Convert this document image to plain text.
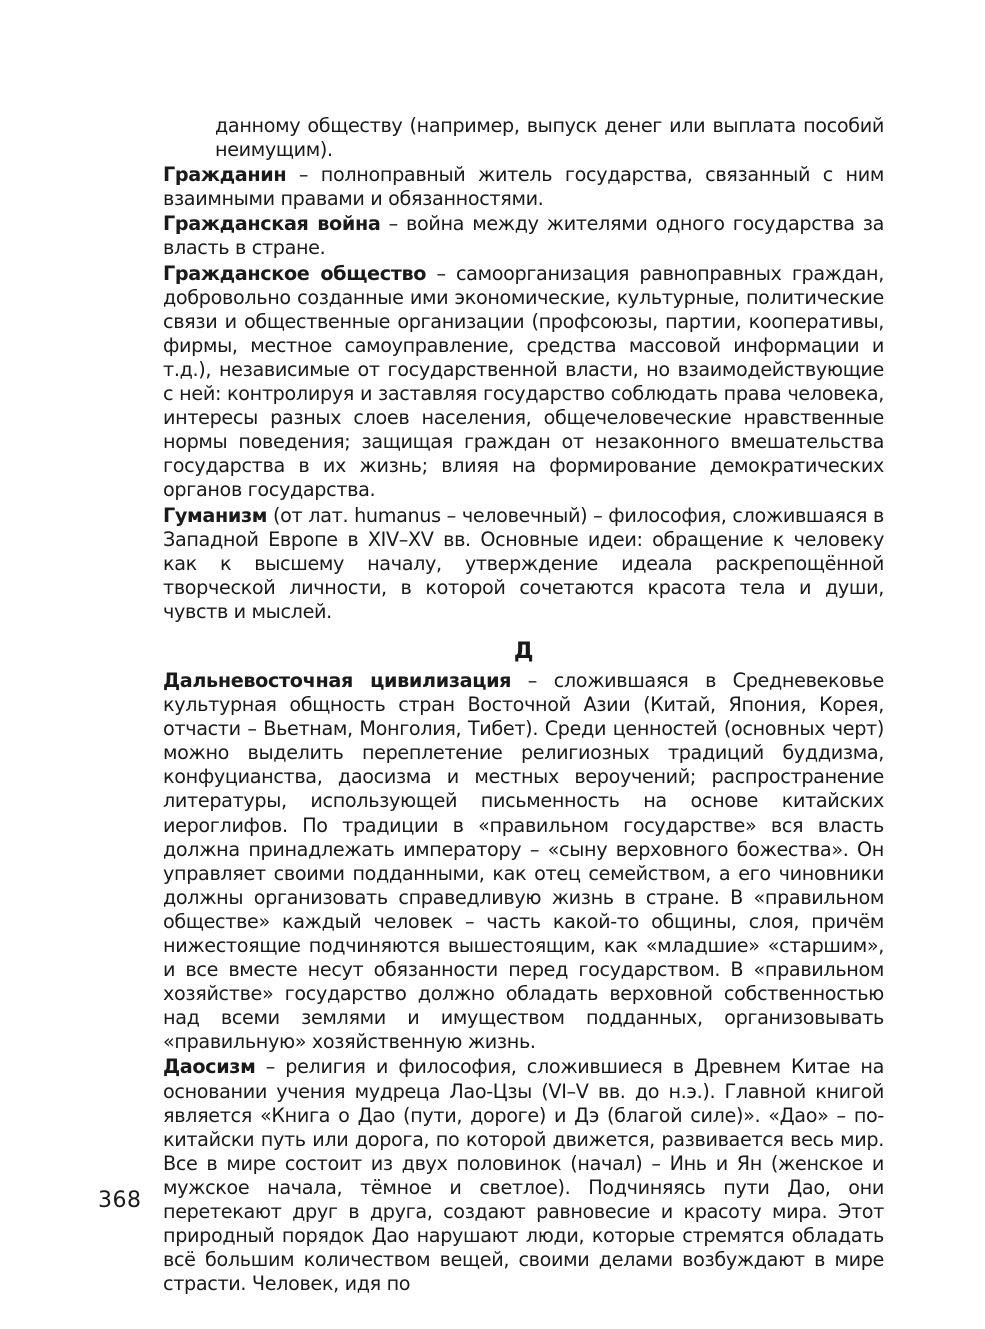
данному обществу (например, выпуск денег или выплата пособий неимущим).

Гражданин – полноправный житель государства, связанный с ним взаимными правами и обязанностями.

Гражданская война – война между жителями одного государства за власть в стране.

Гражданское общество – самоорганизация равноправных граждан, добровольно созданные ими экономические, культурные, политические связи и общественные организации (профсоюзы, партии, кооперативы, фирмы, местное самоуправление, средства массовой информации и т.д.), независимые от государственной власти, но взаимодействующие с ней: контролируя и заставляя государство соблюдать права человека, интересы разных слоев населения, общечеловеческие нравственные нормы поведения; защищая граждан от незаконного вмешательства государства в их жизнь; влияя на формирование демократических органов государства.

Гуманизм (от лат. humanus – человечный) – философия, сложившаяся в Западной Европе в XIV–XV вв. Основные идеи: обращение к человеку как к высшему началу, утверждение идеала раскрепощённой творческой личности, в которой сочетаются красота тела и души, чувств и мыслей.

Д

Дальневосточная цивилизация – сложившаяся в Средневековье культурная общность стран Восточной Азии (Китай, Япония, Корея, отчасти – Вьетнам, Монголия, Тибет). Среди ценностей (основных черт) можно выделить переплетение религиозных традиций буддизма, конфуцианства, даосизма и местных вероучений; распространение литературы, использующей письменность на основе китайских иероглифов. По традиции в «правильном государстве» вся власть должна принадлежать императору – «сыну верховного божества». Он управляет своими подданными, как отец семейством, а его чиновники должны организовать справедливую жизнь в стране. В «правильном обществе» каждый человек – часть какой-то общины, слоя, причём нижестоящие подчиняются вышестоящим, как «младшие» «старшим», и все вместе несут обязанности перед государством. В «правильном хозяйстве» государство должно обладать верховной собственностью над всеми землями и имуществом подданных, организовывать «правильную» хозяйственную жизнь.

Даосизм – религия и философия, сложившиеся в Древнем Китае на основании учения мудреца Лао-Цзы (VI–V вв. до н.э.). Главной книгой является «Книга о Дао (пути, дороге) и Дэ (благой силе)». «Дао» – по-китайски путь или дорога, по которой движется, развивается весь мир. Все в мире состоит из двух половинок (начал) – Инь и Ян (женское и мужское начала, тёмное и светлое). Подчиняясь пути Дао, они перетекают друг в друга, создают равновесие и красоту мира. Этот природный порядок Дао нарушают люди, которые стремятся обладать всё большим количеством вещей, своими делами возбуждают в мире страсти. Человек, идя по

368
